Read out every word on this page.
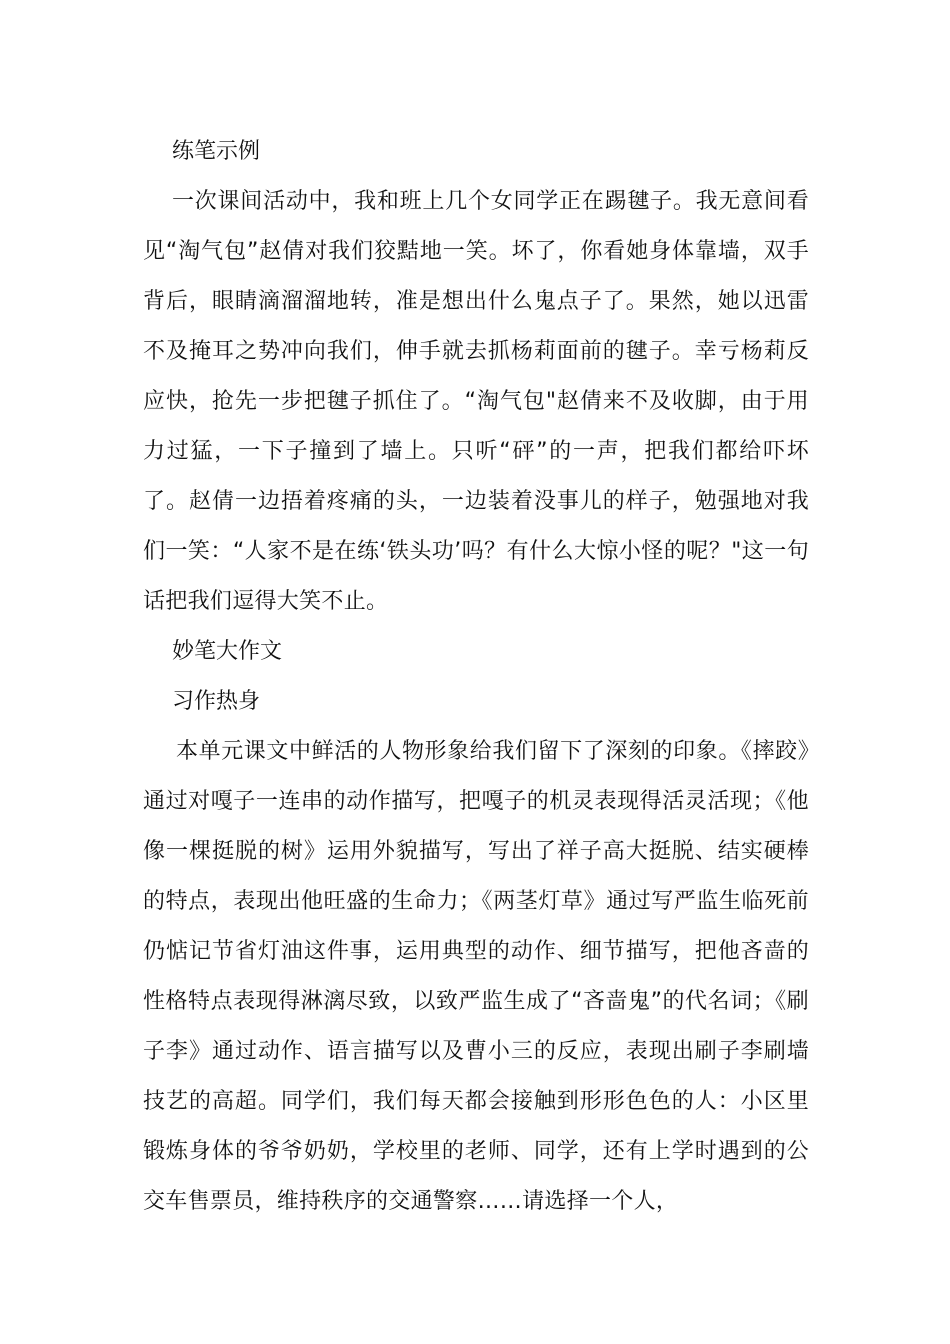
练笔示例

一次课间活动中，我和班上几个女同学正在踢毽子。我无意间看见“淘气包”赵倩对我们狡黠地一笑。坏了，你看她身体靠墙，双手背后，眼睛滴溜溜地转，准是想出什么鬼点子了。果然，她以迅雷不及掩耳之势冲向我们，伸手就去抓杨莉面前的毽子。幸亏杨莉反应快，抢先一步把毽子抓住了。“淘气包"赵倩来不及收脚，由于用力过猛，一下子撞到了墙上。只听“砰”的一声，把我们都给吓坏了。赵倩一边捂着疼痛的头，一边装着没事儿的样子，勉强地对我们一笑：“人家不是在练‘铁头功’吗？有什么大惊小怪的呢？"这一句话把我们逗得大笑不止。

妙笔大作文

习作热身

本单元课文中鲜活的人物形象给我们留下了深刻的印象。《摔跤》通过对嘎子一连串的动作描写，把嘎子的机灵表现得活灵活现；《他像一棵挺脱的树》运用外貌描写，写出了祥子高大挺脱、结实硬棒的特点，表现出他旺盛的生命力；《两茎灯草》通过写严监生临死前仍惦记节省灯油这件事，运用典型的动作、细节描写，把他吝啬的性格特点表现得淋漓尽致，以致严监生成了“吝啬鬼”的代名词；《刷子李》通过动作、语言描写以及曹小三的反应，表现出刷子李刷墙技艺的高超。同学们，我们每天都会接触到形形色色的人：小区里锻炼身体的爷爷奶奶，学校里的老师、同学，还有上学时遇到的公交车售票员，维持秩序的交通警察……请选择一个人，
